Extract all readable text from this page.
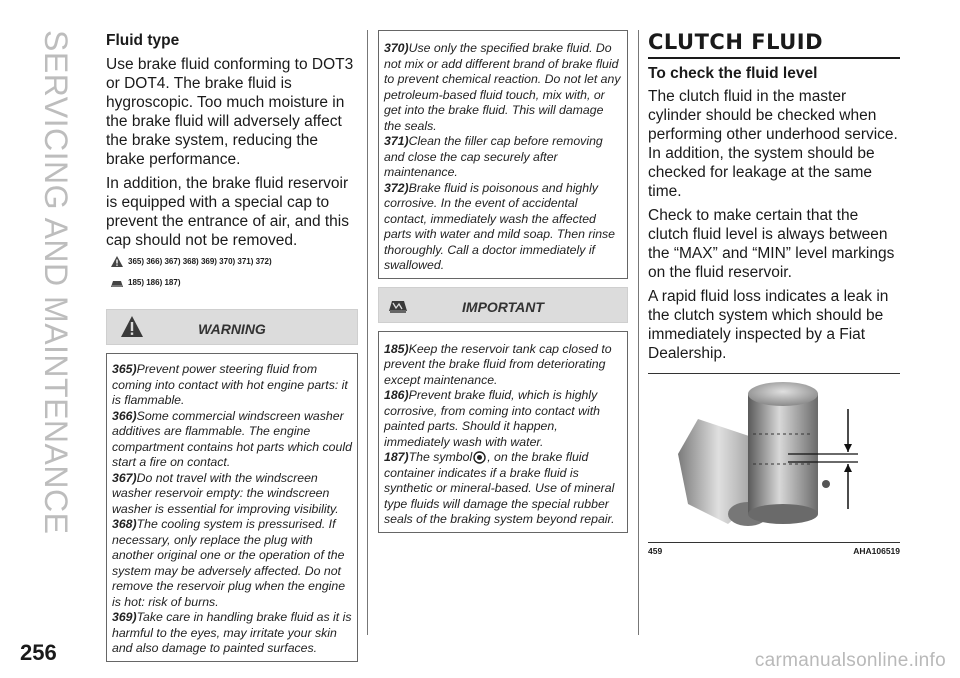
SERVICING AND MAINTENANCE Fluid type

Use brake fluid conforming to DOT3 or DOT4. The brake fluid is hygroscopic. Too much moisture in the brake fluid will adversely affect the brake system, reducing the brake performance.

In addition, the brake fluid reservoir is equipped with a special cap to prevent the entrance of air, and this cap should not be removed.

365) 366) 367) 368) 369) 370) 371) 372)
185) 186) 187)
WARNING

365)Prevent power steering fluid from coming into contact with hot engine parts: it is flammable.

366)Some commercial windscreen washer additives are flammable. The engine compartment contains hot parts which could start a fire on contact.

367)Do not travel with the windscreen washer reservoir empty: the windscreen washer is essential for improving visibility.

368)The cooling system is pressurised. If necessary, only replace the plug with another original one or the operation of the system may be adversely affected. Do not remove the reservoir plug when the engine is hot: risk of burns.

369)Take care in handling brake fluid as it is harmful to the eyes, may irritate your skin and also damage to painted surfaces.

370)Use only the specified brake fluid. Do not mix or add different brand of brake fluid to prevent chemical reaction. Do not let any petroleum-based fluid touch, mix with, or get into the brake fluid. This will damage the seals.

371)Clean the filler cap before removing and close the cap securely after maintenance.

372)Brake fluid is poisonous and highly corrosive. In the event of accidental contact, immediately wash the affected parts with water and mild soap. Then rinse thoroughly. Call a doctor immediately if swallowed.

IMPORTANT

185)Keep the reservoir tank cap closed to prevent the brake fluid from deteriorating except maintenance.

186)Prevent brake fluid, which is highly corrosive, from coming into contact with painted parts. Should it happen, immediately wash with water.

187)The symbol , on the brake fluid container indicates if a brake fluid is synthetic or mineral-based. Use of mineral type fluids will damage the special rubber seals of the braking system beyond repair.

CLUTCH FLUID
To check the fluid level

The clutch fluid in the master cylinder should be checked when performing other underhood service. In addition, the system should be checked for leakage at the same time.

Check to make certain that the clutch fluid level is always between the “MAX” and “MIN” level markings on the fluid reservoir.

A rapid fluid loss indicates a leak in the clutch system which should be immediately inspected by a Fiat Dealership.

459	AHA106519
256	carmanualsonline.info
